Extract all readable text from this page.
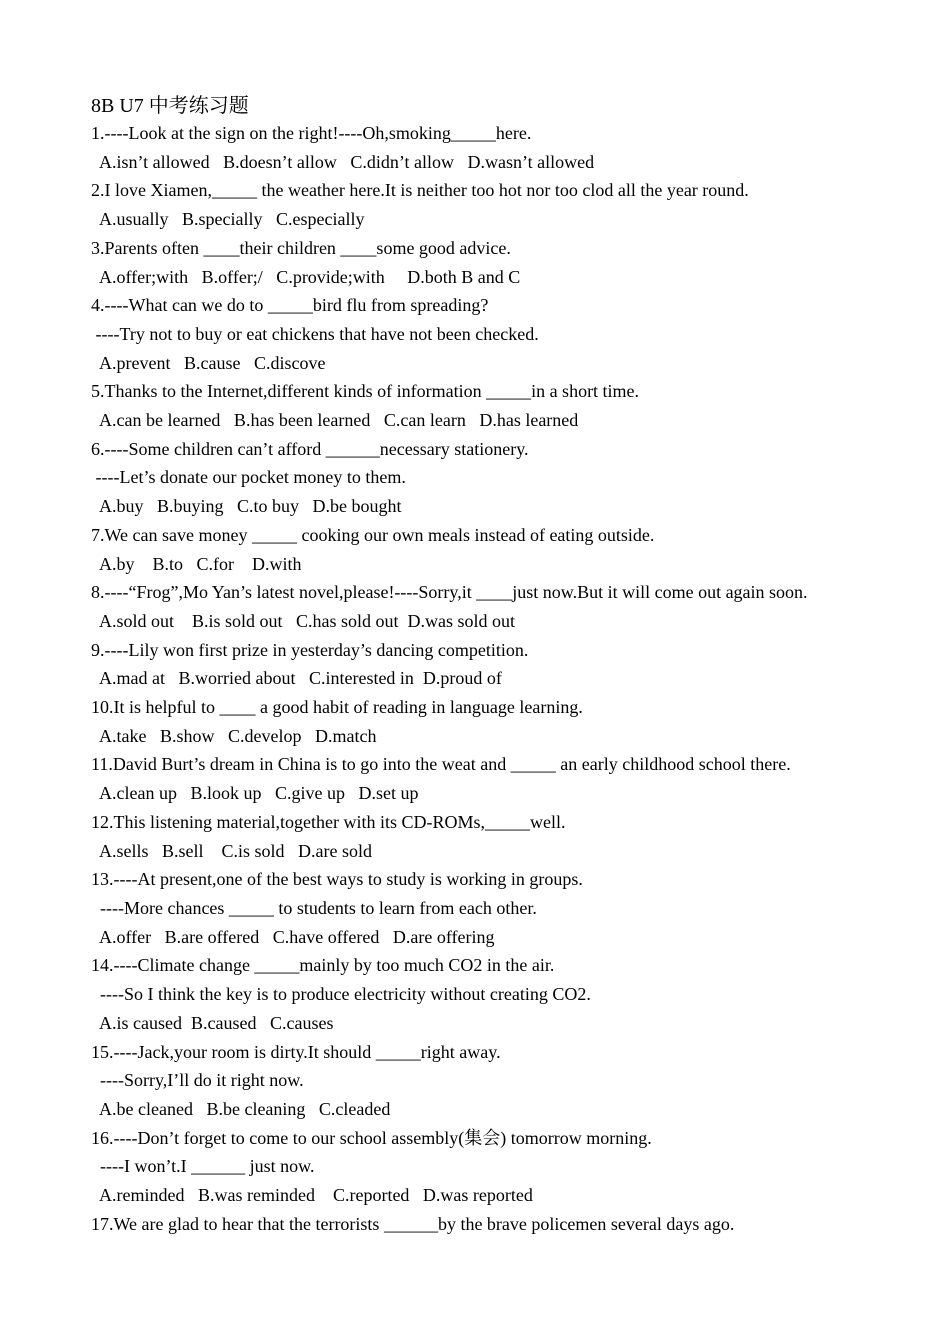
8B U7 中考练习题
1.----Look at the sign on the right!----Oh,smoking_____here.
A.isn’t allowed   B.doesn’t allow   C.didn’t allow   D.wasn’t allowed
2.I love Xiamen,_____ the weather here.It is neither too hot nor too clod all the year round.
A.usually   B.specially   C.especially
3.Parents often ____their children ____some good advice.
A.offer;with   B.offer;/   C.provide;with     D.both B and C
4.----What can we do to _____bird flu from spreading?
----Try not to buy or eat chickens that have not been checked.
A.prevent   B.cause   C.discove
5.Thanks to the Internet,different kinds of information _____in a short time.
A.can be learned   B.has been learned   C.can learn   D.has learned
6.----Some children can’t afford ______necessary stationery.
----Let’s donate our pocket money to them.
A.buy   B.buying   C.to buy   D.be bought
7.We can save money _____ cooking our own meals instead of eating outside.
A.by    B.to   C.for    D.with
8.----“Frog”,Mo Yan’s latest novel,please!----Sorry,it ____just now.But it will come out again soon.
A.sold out    B.is sold out   C.has sold out  D.was sold out
9.----Lily won first prize in yesterday’s dancing competition.
A.mad at   B.worried about   C.interested in  D.proud of
10.It is helpful to ____ a good habit of reading in language learning.
A.take   B.show   C.develop   D.match
11.David Burt’s dream in China is to go into the weat and _____ an early childhood school there.
A.clean up   B.look up   C.give up   D.set up
12.This listening material,together with its CD-ROMs,_____well.
A.sells   B.sell    C.is sold   D.are sold
13.----At present,one of the best ways to study is working in groups.
----More chances _____ to students to learn from each other.
A.offer   B.are offered   C.have offered   D.are offering
14.----Climate change _____mainly by too much CO2 in the air.
----So I think the key is to produce electricity without creating CO2.
A.is caused  B.caused   C.causes
15.----Jack,your room is dirty.It should _____right away.
----Sorry,I’ll do it right now.
A.be cleaned   B.be cleaning   C.cleaded
16.----Don’t forget to come to our school assembly(集会) tomorrow morning.
----I won’t.I ______ just now.
A.reminded   B.was reminded    C.reported   D.was reported
17.We are glad to hear that the terrorists ______by the brave policemen several days ago.
